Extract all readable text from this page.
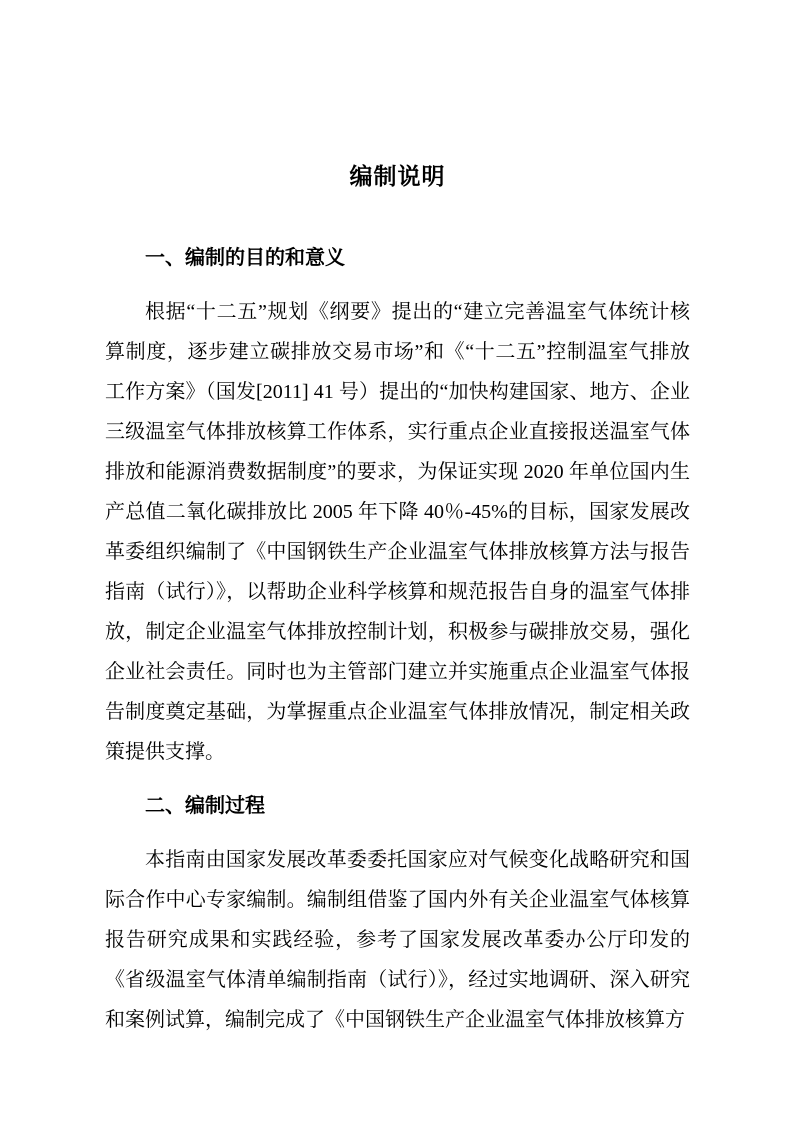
编制说明
一、编制的目的和意义

根据“十二五”规划《纲要》提出的“建立完善温室气体统计核算制度，逐步建立碳排放交易市场”和《“十二五”控制温室气排放工作方案》（国发[2011] 41 号）提出的“加快构建国家、地方、企业三级温室气体排放核算工作体系，实行重点企业直接报送温室气体排放和能源消费数据制度”的要求，为保证实现 2020 年单位国内生产总值二氧化碳排放比 2005 年下降 40％-45%的目标，国家发展改革委组织编制了《中国钢铁生产企业温室气体排放核算方法与报告指南（试行）》，以帮助企业科学核算和规范报告自身的温室气体排放，制定企业温室气体排放控制计划，积极参与碳排放交易，强化企业社会责任。同时也为主管部门建立并实施重点企业温室气体报告制度奠定基础，为掌握重点企业温室气体排放情况，制定相关政策提供支撑。

二、编制过程

本指南由国家发展改革委委托国家应对气候变化战略研究和国际合作中心专家编制。编制组借鉴了国内外有关企业温室气体核算报告研究成果和实践经验，参考了国家发展改革委办公厅印发的《省级温室气体清单编制指南（试行）》，经过实地调研、深入研究和案例试算，编制完成了《中国钢铁生产企业温室气体排放核算方
